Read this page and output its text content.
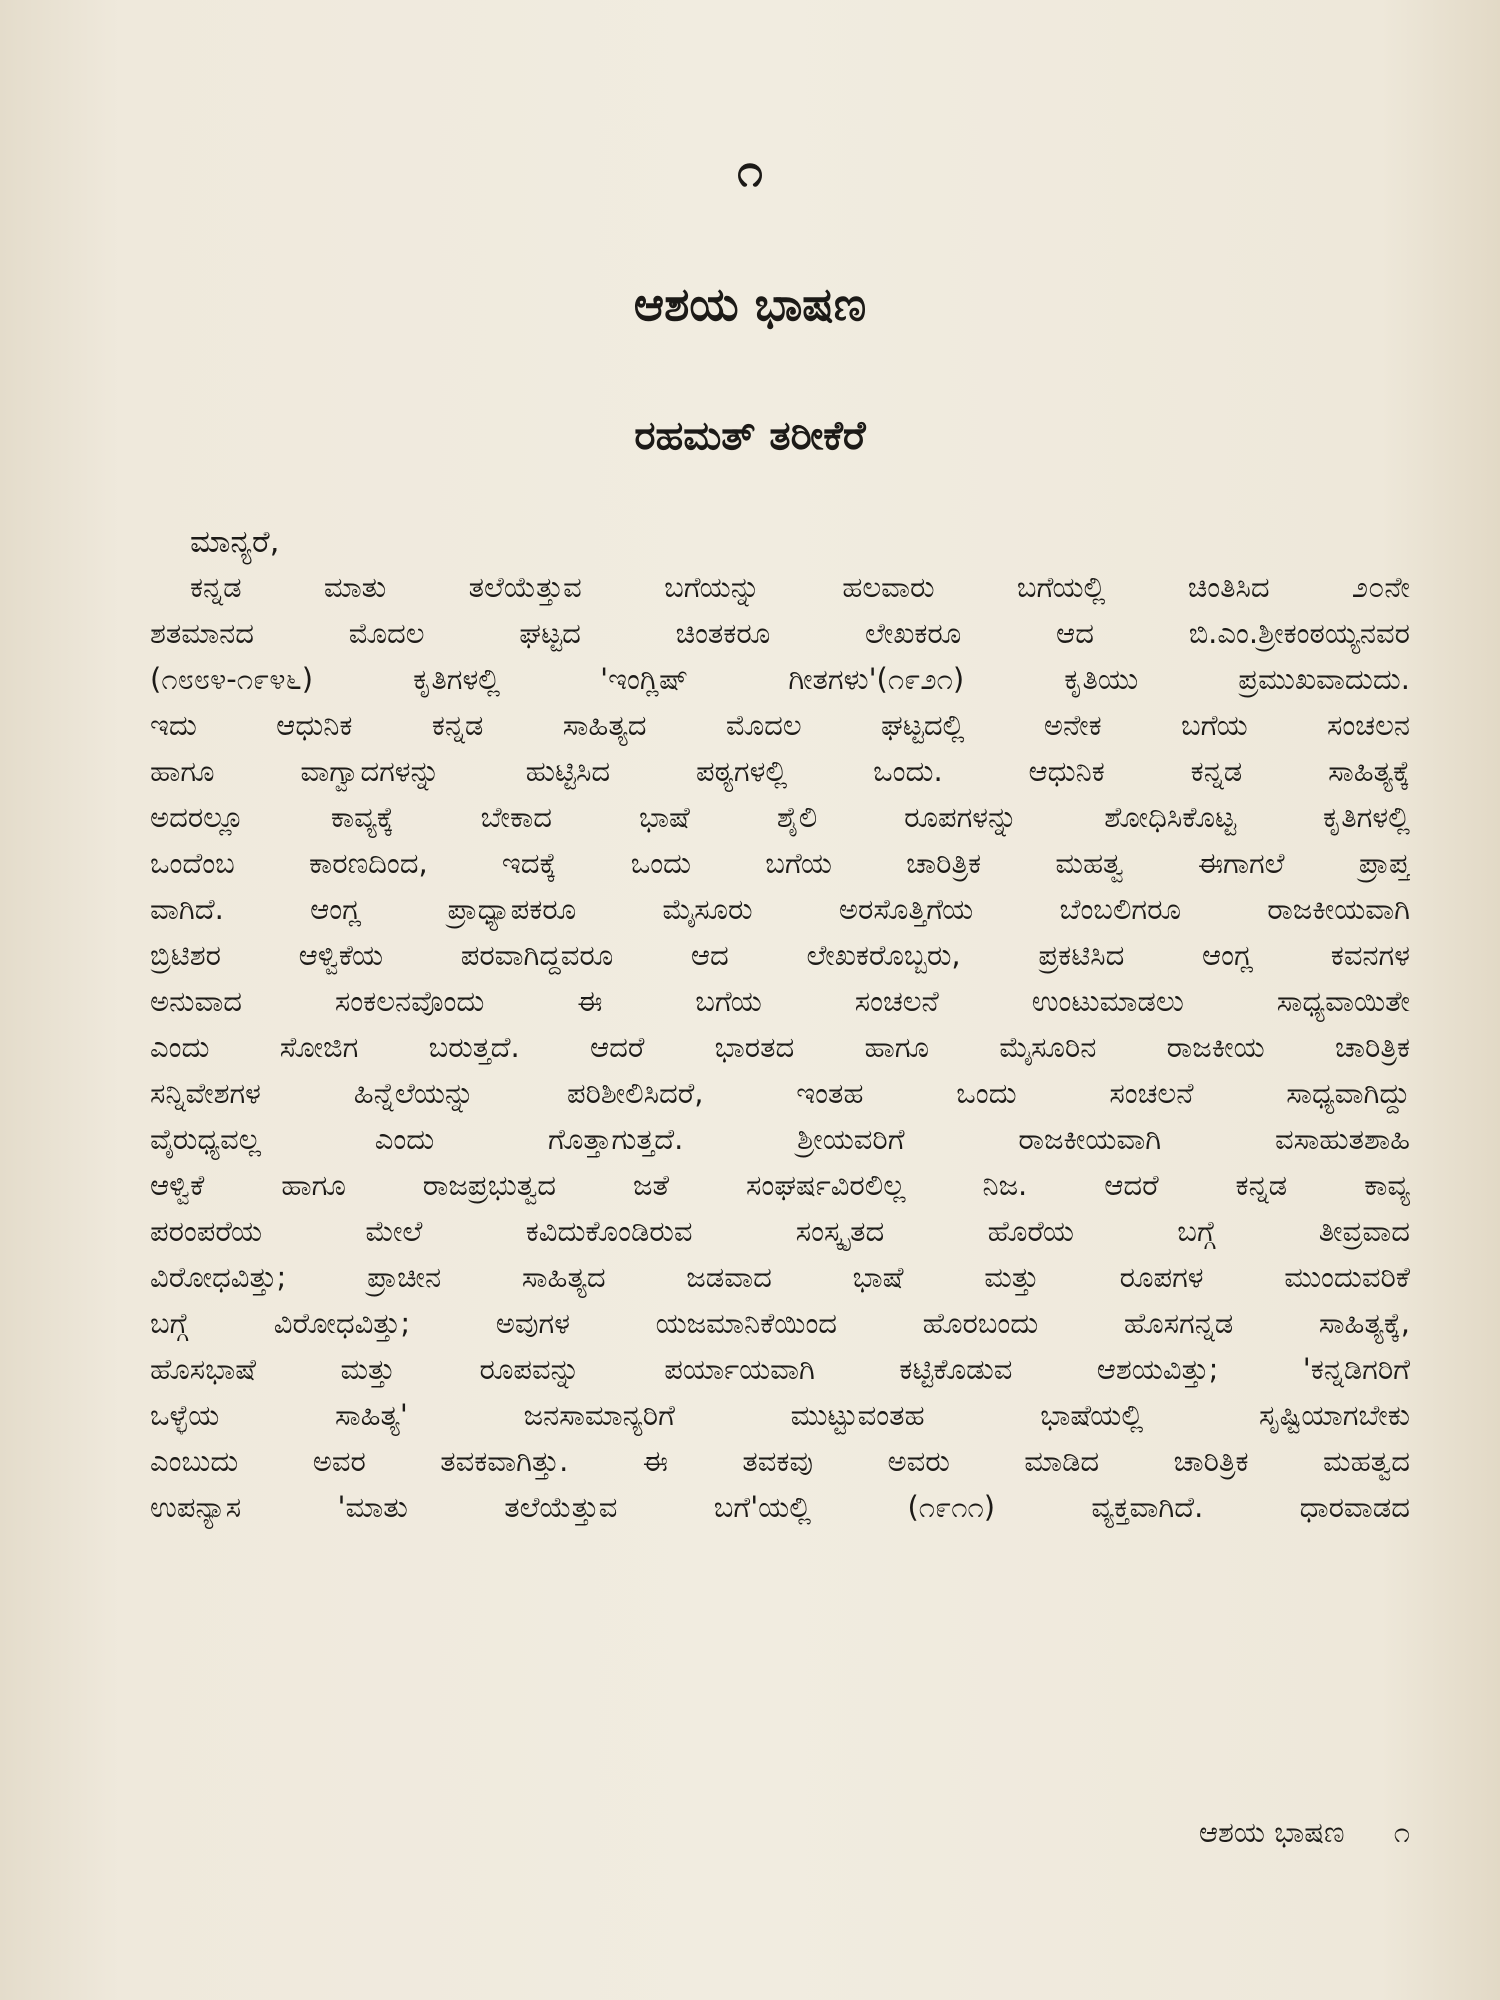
೧
ಆಶಯ ಭಾಷಣ
ರಹಮತ್ ತರೀಕೆರೆ

ಮಾನ್ಯರೆ,

ಕನ್ನಡ ಮಾತು ತಲೆಯೆತ್ತುವ ಬಗೆಯನ್ನು ಹಲವಾರು ಬಗೆಯಲ್ಲಿ ಚಿಂತಿಸಿದ ೨೦ನೇ

ಶತಮಾನದ ಮೊದಲ ಘಟ್ಟದ ಚಿಂತಕರೂ ಲೇಖಕರೂ ಆದ ಬಿ.ಎಂ.ಶ್ರೀಕಂಠಯ್ಯನವರ

(೧೮೮೪-೧೯೪೬) ಕೃತಿಗಳಲ್ಲಿ 'ಇಂಗ್ಲಿಷ್ ಗೀತಗಳು'(೧೯೨೧) ಕೃತಿಯು ಪ್ರಮುಖವಾದುದು.

ಇದು ಆಧುನಿಕ ಕನ್ನಡ ಸಾಹಿತ್ಯದ ಮೊದಲ ಘಟ್ಟದಲ್ಲಿ ಅನೇಕ ಬಗೆಯ ಸಂಚಲನ

ಹಾಗೂ ವಾಗ್ವಾದಗಳನ್ನು ಹುಟ್ಟಿಸಿದ ಪಠ್ಯಗಳಲ್ಲಿ ಒಂದು. ಆಧುನಿಕ ಕನ್ನಡ ಸಾಹಿತ್ಯಕ್ಕೆ

ಅದರಲ್ಲೂ ಕಾವ್ಯಕ್ಕೆ ಬೇಕಾದ ಭಾಷೆ ಶೈಲಿ ರೂಪಗಳನ್ನು ಶೋಧಿಸಿಕೊಟ್ಟ ಕೃತಿಗಳಲ್ಲಿ

ಒಂದೆಂಬ ಕಾರಣದಿಂದ, ಇದಕ್ಕೆ ಒಂದು ಬಗೆಯ ಚಾರಿತ್ರಿಕ ಮಹತ್ವ ಈಗಾಗಲೆ ಪ್ರಾಪ್ತ

ವಾಗಿದೆ. ಆಂಗ್ಲ ಪ್ರಾಧ್ಯಾಪಕರೂ ಮೈಸೂರು ಅರಸೊತ್ತಿಗೆಯ ಬೆಂಬಲಿಗರೂ ರಾಜಕೀಯವಾಗಿ

ಬ್ರಿಟಿಶರ ಆಳ್ವಿಕೆಯ ಪರವಾಗಿದ್ದವರೂ ಆದ ಲೇಖಕರೊಬ್ಬರು, ಪ್ರಕಟಿಸಿದ ಆಂಗ್ಲ ಕವನಗಳ

ಅನುವಾದ ಸಂಕಲನವೊಂದು ಈ ಬಗೆಯ ಸಂಚಲನೆ ಉಂಟುಮಾಡಲು ಸಾಧ್ಯವಾಯಿತೇ

ಎಂದು ಸೋಜಿಗ ಬರುತ್ತದೆ. ಆದರೆ ಭಾರತದ ಹಾಗೂ ಮೈಸೂರಿನ ರಾಜಕೀಯ ಚಾರಿತ್ರಿಕ

ಸನ್ನಿವೇಶಗಳ ಹಿನ್ನೆಲೆಯನ್ನು ಪರಿಶೀಲಿಸಿದರೆ, ಇಂತಹ ಒಂದು ಸಂಚಲನೆ ಸಾಧ್ಯವಾಗಿದ್ದು

ವೈರುಧ್ಯವಲ್ಲ ಎಂದು ಗೊತ್ತಾಗುತ್ತದೆ. ಶ್ರೀಯವರಿಗೆ ರಾಜಕೀಯವಾಗಿ ವಸಾಹುತಶಾಹಿ

ಆಳ್ವಿಕೆ ಹಾಗೂ ರಾಜಪ್ರಭುತ್ವದ ಜತೆ ಸಂಘರ್ಷವಿರಲಿಲ್ಲ ನಿಜ. ಆದರೆ ಕನ್ನಡ ಕಾವ್ಯ

ಪರಂಪರೆಯ ಮೇಲೆ ಕವಿದುಕೊಂಡಿರುವ ಸಂಸ್ಕೃತದ ಹೊರೆಯ ಬಗ್ಗೆ ತೀವ್ರವಾದ

ವಿರೋಧವಿತ್ತು; ಪ್ರಾಚೀನ ಸಾಹಿತ್ಯದ ಜಡವಾದ ಭಾಷೆ ಮತ್ತು ರೂಪಗಳ ಮುಂದುವರಿಕೆ

ಬಗ್ಗೆ ವಿರೋಧವಿತ್ತು; ಅವುಗಳ ಯಜಮಾನಿಕೆಯಿಂದ ಹೊರಬಂದು ಹೊಸಗನ್ನಡ ಸಾಹಿತ್ಯಕ್ಕೆ,

ಹೊಸಭಾಷೆ ಮತ್ತು ರೂಪವನ್ನು ಪರ್ಯಾಯವಾಗಿ ಕಟ್ಟಿಕೊಡುವ ಆಶಯವಿತ್ತು; 'ಕನ್ನಡಿಗರಿಗೆ

ಒಳ್ಳೆಯ ಸಾಹಿತ್ಯ' ಜನಸಾಮಾನ್ಯರಿಗೆ ಮುಟ್ಟುವಂತಹ ಭಾಷೆಯಲ್ಲಿ ಸೃಷ್ಟಿಯಾಗಬೇಕು

ಎಂಬುದು ಅವರ ತವಕವಾಗಿತ್ತು. ಈ ತವಕವು ಅವರು ಮಾಡಿದ ಚಾರಿತ್ರಿಕ ಮಹತ್ವದ

ಉಪನ್ಯಾಸ 'ಮಾತು ತಲೆಯೆತ್ತುವ ಬಗೆ'ಯಲ್ಲಿ (೧೯೧೧) ವ್ಯಕ್ತವಾಗಿದೆ. ಧಾರವಾಡದ

ಆಶಯ ಭಾಷಣ ೧
